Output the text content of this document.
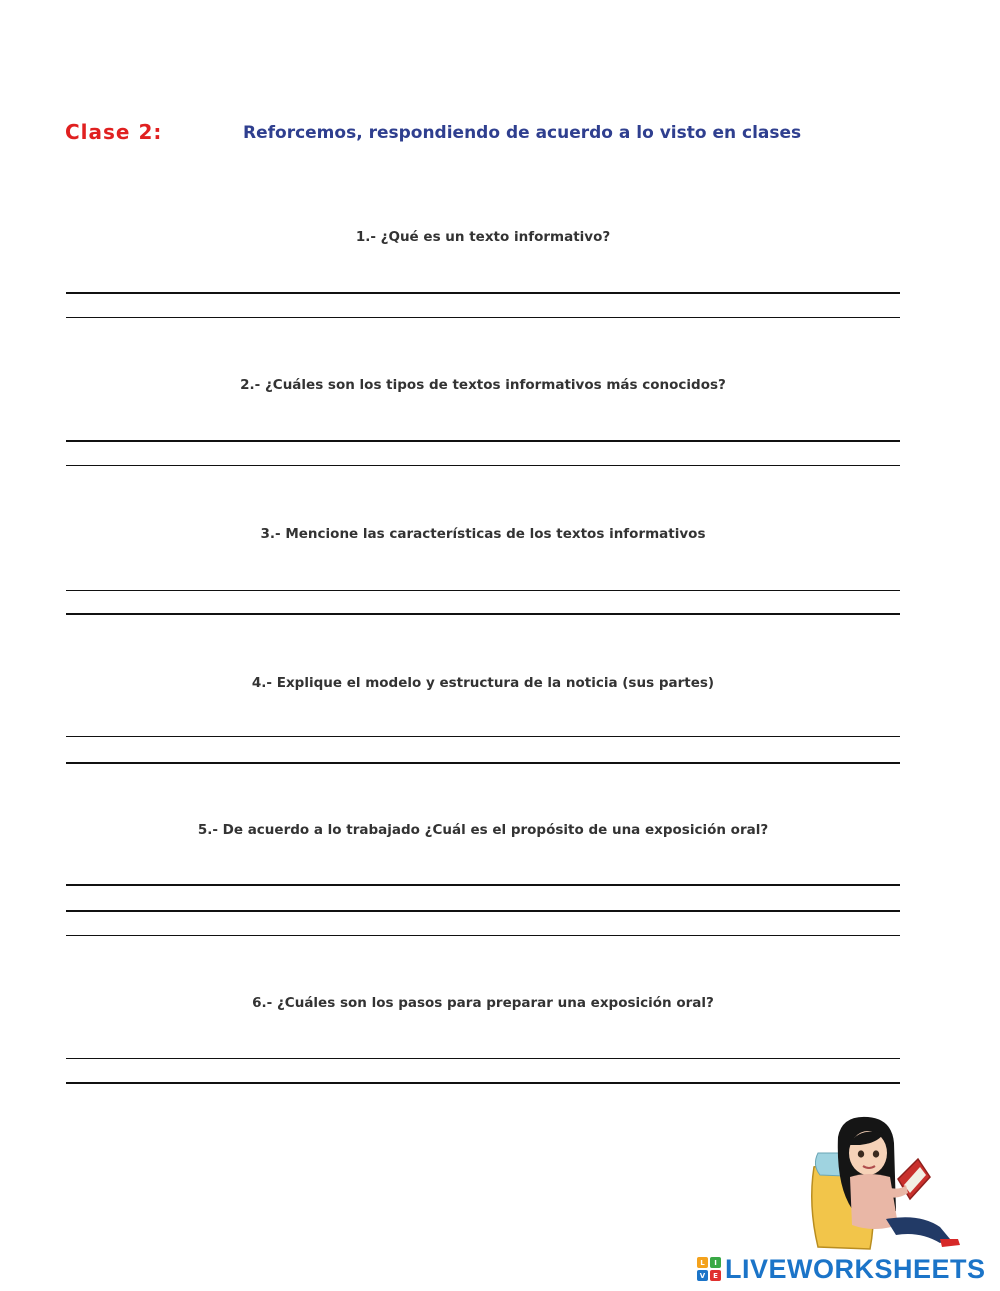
Clase 2:	Reforcemos, respondiendo de acuerdo a lo visto en clases
1.- ¿Qué es un texto informativo?
2.- ¿Cuáles son los tipos de textos informativos más conocidos?
3.- Mencione las características de los textos informativos
4.- Explique el modelo y estructura de la noticia (sus partes)
5.- De acuerdo a lo trabajado ¿Cuál es el propósito de una exposición oral?
6.- ¿Cuáles son los pasos para preparar una exposición oral?
L	I
V	E LIVEWORKSHEETS
